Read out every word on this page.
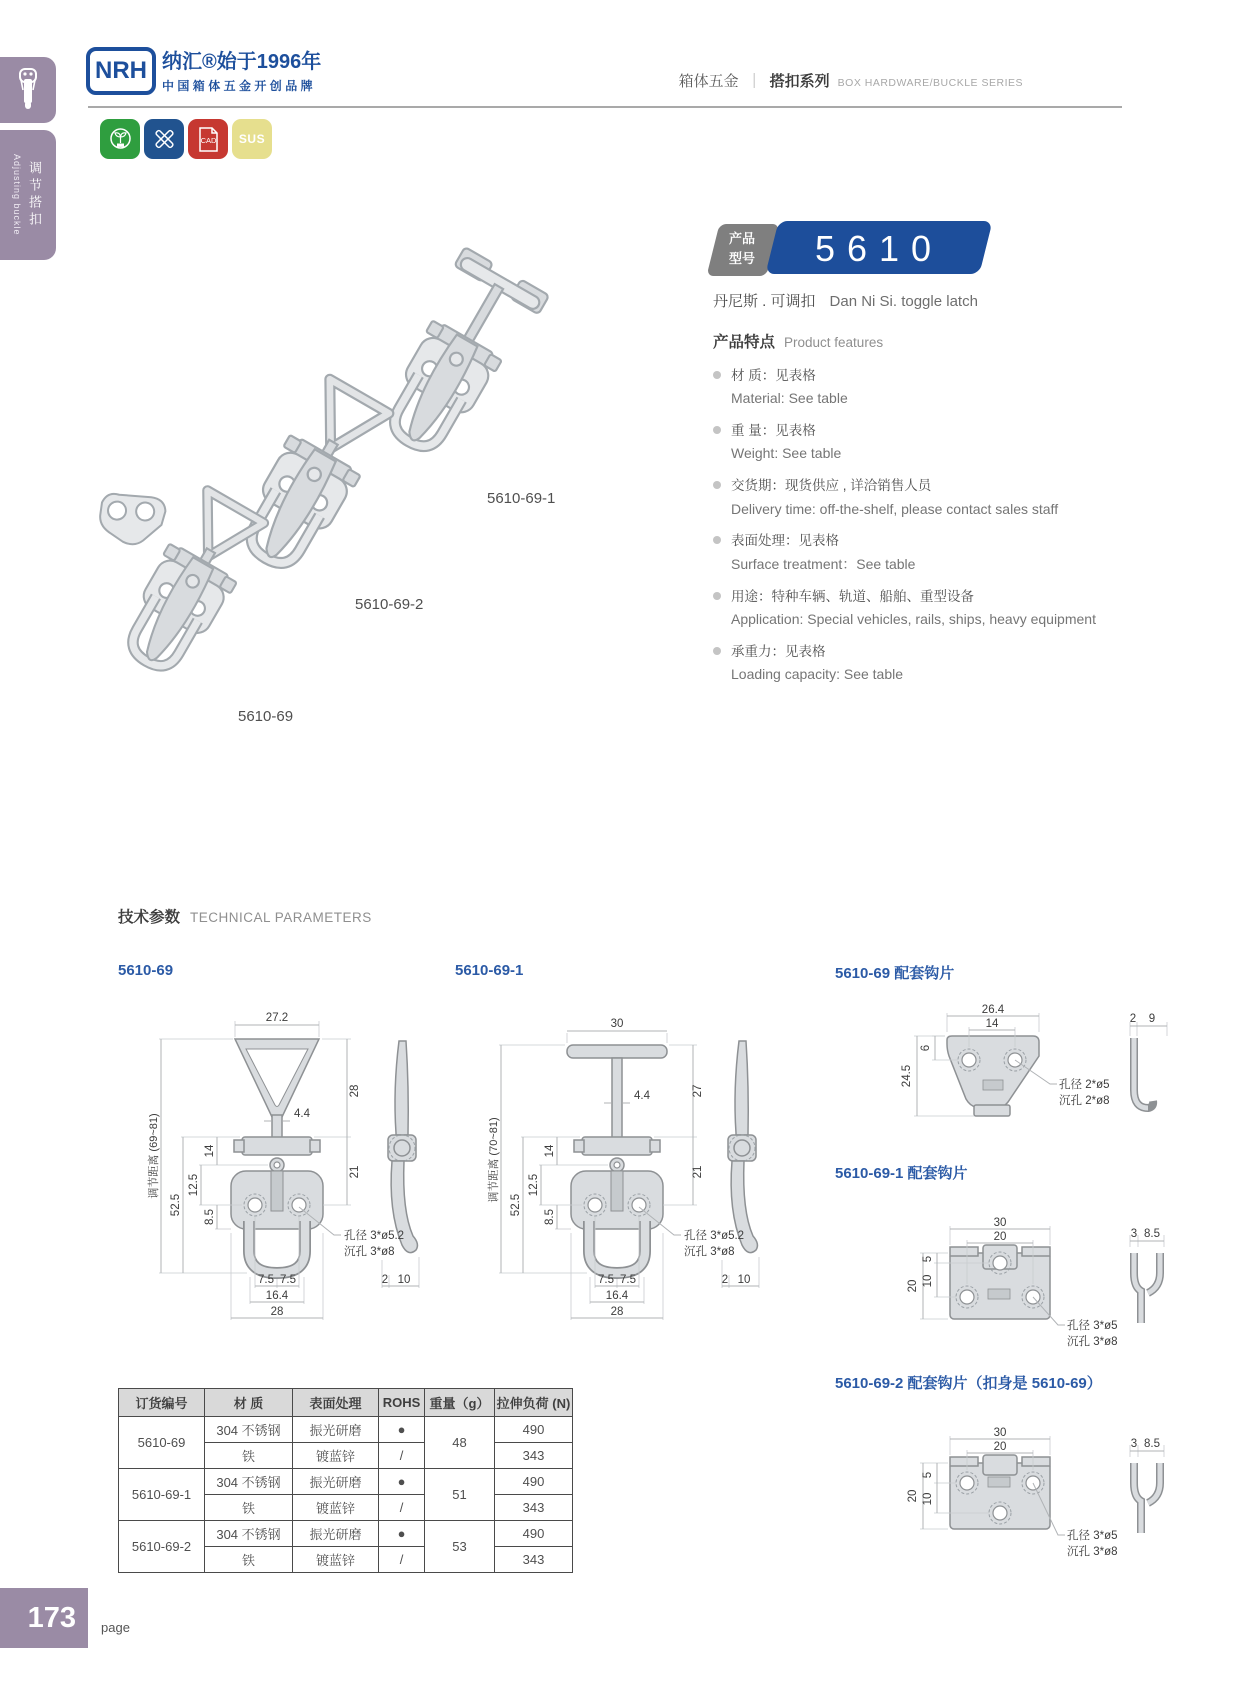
Adjusting buckle 调节搭扣
NRH 纳汇®始于1996年
中国箱体五金开创品牌	箱体五金 ｜ 搭扣系列 BOX HARDWARE/BUCKLE SERIES
CAD SUS
5610-69-1
5610-69-2
5610-69
产品
型号	5610
丹尼斯 . 可调扣 Dan Ni Si. toggle latch
产品特点 Product features
材 质：见表格
Material: See table
重 量：见表格
Weight: See table
交货期：现货供应 , 详洽销售人员
Delivery time: off-the-shelf, please contact sales staff
表面处理：见表格
Surface treatment：See table
用途：特种车辆、轨道、船舶、重型设备
Application: Special vehicles, rails, ships, heavy equipment
承重力：见表格
Loading capacity: See table
技术参数 TECHNICAL PARAMETERS
5610-69	5610-69-1	5610-69 配套钩片
5610-69-1 配套钩片
5610-69-2 配套钩片（扣身是 5610-69）
27.2
28
21
4.4
14
12.5
8.5
52.5
调节距离 (69~81)
7.5 7.5
16.4
28
孔径 3*ø5.2
沉孔 3*ø8
2 10
30
27
21
4.4
14
12.5
8.5
52.5
调节距离 (70~81)
7.5 7.5
16.4
28
孔径 3*ø5.2
沉孔 3*ø8
2 10
26.4
14
6
24.5	孔径 2*ø5
沉孔 2*ø8
2 9
30
20
20
5
10
孔径 3*ø5
沉孔 3*ø8
3 8.5
30
20
20
5
10
孔径 3*ø5
沉孔 3*ø8
3 8.5
订货编号	材 质	表面处理	ROHS	重量（g）	拉伸负荷 (N)
5610-69	304 不锈钢	振光研磨	●	48	490
	铁	镀蓝锌	/		343
5610-69-1	304 不锈钢	振光研磨	●	51	490
	铁	镀蓝锌	/		343
5610-69-2	304 不锈钢	振光研磨	●	53	490
	铁	镀蓝锌	/		343
173 page
